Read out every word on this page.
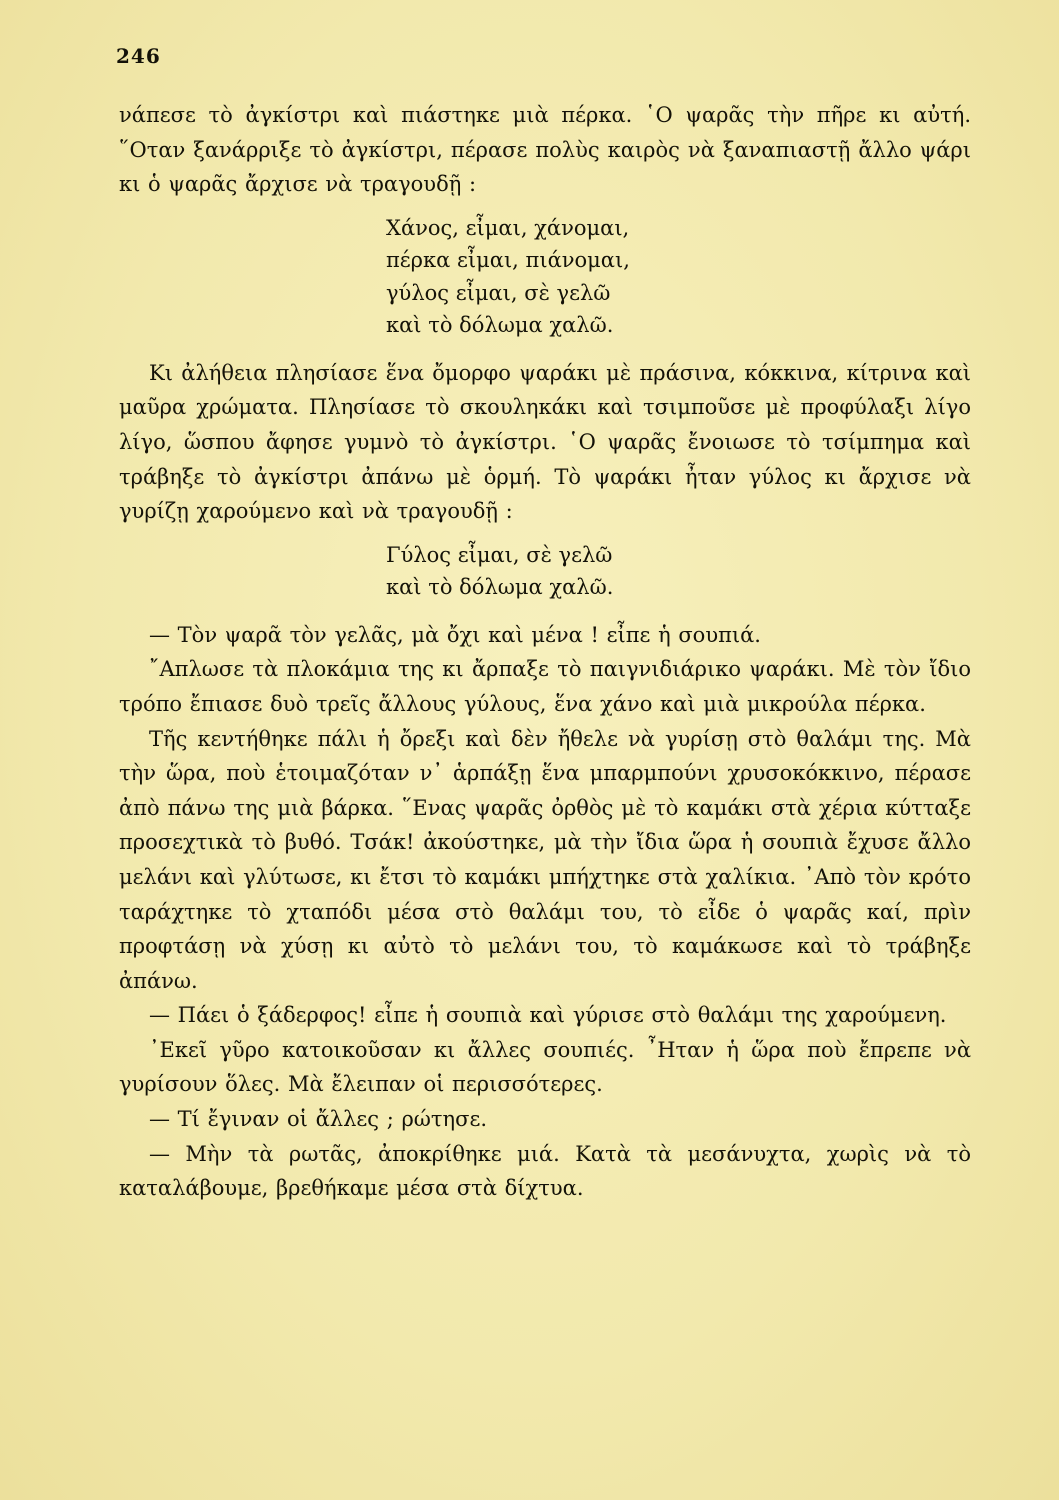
246

νάπεσε τὸ ἀγκίστρι καὶ πιάστηκε μιὰ πέρκα. ῾Ο ψαρᾶς τὴν πῆρε κι αὐτή. ῞Οταν ξανάρριξε τὸ ἀγκίστρι, πέρασε πολὺς καιρὸς νὰ ξαναπιαστῇ ἄλλο ψάρι κι ὁ ψαρᾶς ἄρχισε νὰ τραγουδῇ :

Χάνος, εἶμαι, χάνομαι,
πέρκα εἶμαι, πιάνομαι,
γύλος εἶμαι, σὲ γελῶ
καὶ τὸ δόλωμα χαλῶ.

Κι ἀλήθεια πλησίασε ἕνα ὄμορφο ψαράκι μὲ πράσινα, κόκκινα, κίτρινα καὶ μαῦρα χρώματα. Πλησίασε τὸ σκουληκάκι καὶ τσιμποῦσε μὲ προφύλαξι λίγο λίγο, ὥσπου ἄφησε γυμνὸ τὸ ἀγκίστρι. ῾Ο ψαρᾶς ἔνοιωσε τὸ τσίμπημα καὶ τράβηξε τὸ ἀγκίστρι ἀπάνω μὲ ὁρμή. Τὸ ψαράκι ἦταν γύλος κι ἄρχισε νὰ γυρίζῃ χαρούμενο καὶ νὰ τραγουδῇ :

Γύλος εἶμαι, σὲ γελῶ
καὶ τὸ δόλωμα χαλῶ.

— Τὸν ψαρᾶ τὸν γελᾶς, μὰ ὄχι καὶ μένα ! εἶπε ἡ σουπιά.

῎Απλωσε τὰ πλοκάμια της κι ἄρπαξε τὸ παιγνιδιάρικο ψαράκι. Μὲ τὸν ἴδιο τρόπο ἔπιασε δυὸ τρεῖς ἄλλους γύλους, ἕνα χάνο καὶ μιὰ μικρούλα πέρκα.

Τῆς κεντήθηκε πάλι ἡ ὄρεξι καὶ δὲν ἤθελε νὰ γυρίσῃ στὸ θαλάμι της. Μὰ τὴν ὥρα, ποὺ ἑτοιμαζόταν ν᾿ ἁρπάξῃ ἕνα μπαρμπούνι χρυσοκόκκινο, πέρασε ἀπὸ πάνω της μιὰ βάρκα. ῞Ενας ψαρᾶς ὀρθὸς μὲ τὸ καμάκι στὰ χέρια κύτταξε προσεχτικὰ τὸ βυθό. Τσάκ! ἀκούστηκε, μὰ τὴν ἴδια ὥρα ἡ σουπιὰ ἔχυσε ἄλλο μελάνι καὶ γλύτωσε, κι ἔτσι τὸ καμάκι μπήχτηκε στὰ χαλίκια. ᾿Απὸ τὸν κρότο ταράχτηκε τὸ χταπόδι μέσα στὸ θαλάμι του, τὸ εἶδε ὁ ψαρᾶς καί, πρὶν προφτάσῃ νὰ χύσῃ κι αὐτὸ τὸ μελάνι του, τὸ καμάκωσε καὶ τὸ τράβηξε ἀπάνω.

— Πάει ὁ ξάδερφος! εἶπε ἡ σουπιὰ καὶ γύρισε στὸ θαλάμι της χαρούμενη.

᾿Εκεῖ γῦρο κατοικοῦσαν κι ἄλλες σουπιές. ῏Ηταν ἡ ὥρα ποὺ ἔπρεπε νὰ γυρίσουν ὅλες. Μὰ ἔλειπαν οἱ περισσότερες.

— Τί ἔγιναν οἱ ἄλλες ; ρώτησε.

— Μὴν τὰ ρωτᾶς, ἀποκρίθηκε μιά. Κατὰ τὰ μεσάνυχτα, χωρὶς νὰ τὸ καταλάβουμε, βρεθήκαμε μέσα στὰ δίχτυα.
